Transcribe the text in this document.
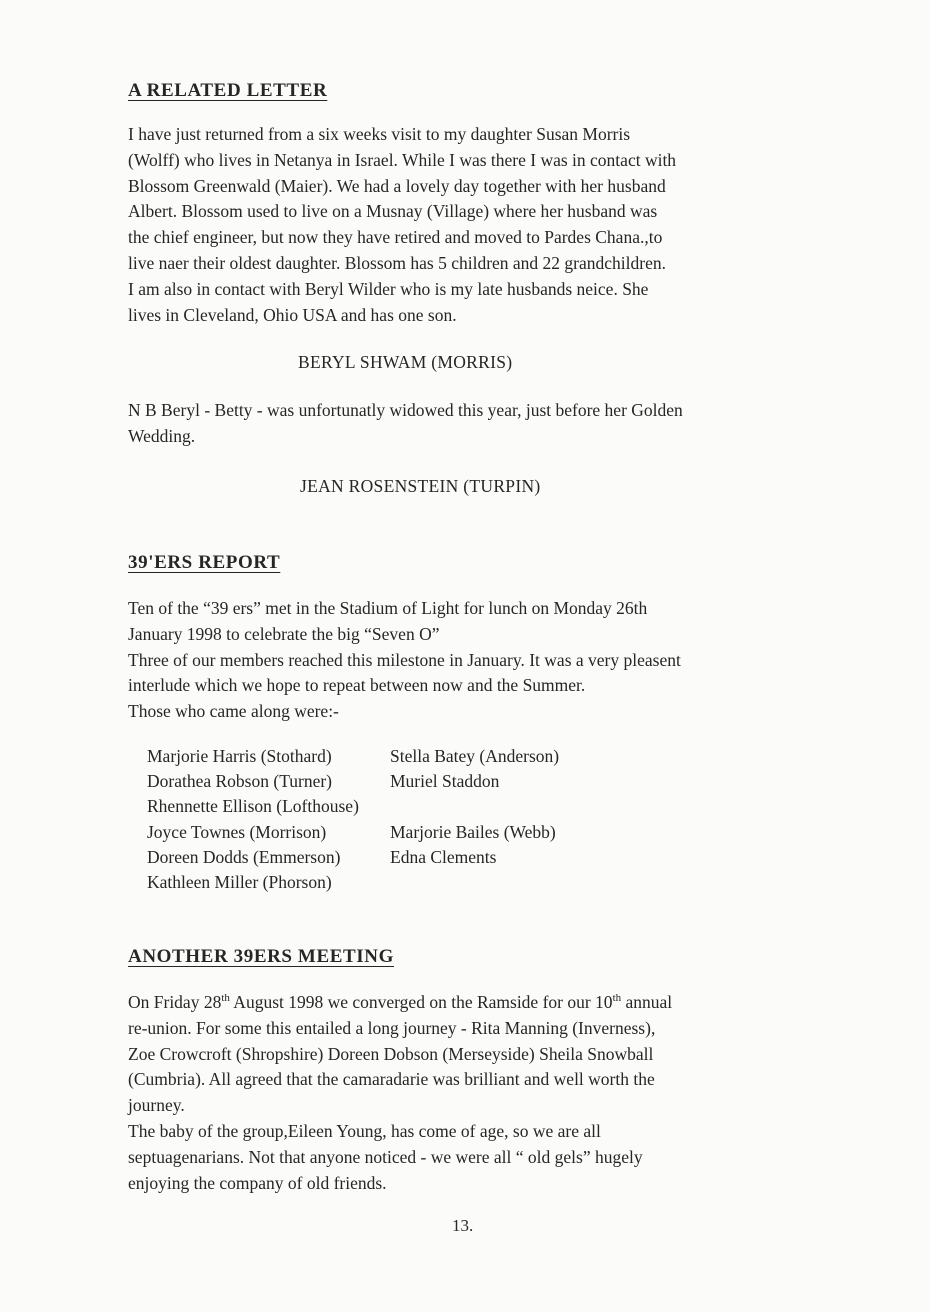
A RELATED LETTER

I have just returned from a six weeks visit to my daughter Susan Morris
(Wolff) who lives in Netanya in Israel. While I was there I was in contact with
Blossom Greenwald (Maier). We had a lovely day together with her husband
Albert. Blossom used to live on a Musnay (Village) where her husband was
the chief engineer, but now they have retired and moved to Pardes Chana.,to
live naer their oldest daughter. Blossom has 5 children and 22 grandchildren.
I am also in contact with Beryl Wilder who is my late husbands neice. She
lives in Cleveland, Ohio USA and has one son.

BERYL SHWAM (MORRIS)

N B Beryl - Betty - was unfortunatly widowed this year, just before her Golden
Wedding.

JEAN ROSENSTEIN (TURPIN)

39'ERS REPORT

Ten of the “39 ers” met in the Stadium of Light for lunch on Monday 26th
January 1998 to celebrate the big “Seven O”
Three of our members reached this milestone in January. It was a very pleasent
interlude which we hope to repeat between now and the Summer.
Those who came along were:-

Marjorie Harris (Stothard)	Stella Batey (Anderson)
Dorathea Robson (Turner)	Muriel Staddon
Rhennette Ellison (Lofthouse)
Joyce Townes (Morrison)	Marjorie Bailes (Webb)
Doreen Dodds (Emmerson)	Edna Clements
Kathleen Miller (Phorson)
ANOTHER 39ERS MEETING

On Friday 28th August 1998 we converged on the Ramside for our 10th annual
re-union. For some this entailed a long journey - Rita Manning (Inverness),
Zoe Crowcroft (Shropshire) Doreen Dobson (Merseyside) Sheila Snowball
(Cumbria). All agreed that the camaradarie was brilliant and well worth the
journey.
The baby of the group,Eileen Young, has come of age, so we are all
septuagenarians. Not that anyone noticed - we were all “ old gels” hugely
enjoying the company of old friends.

13.
